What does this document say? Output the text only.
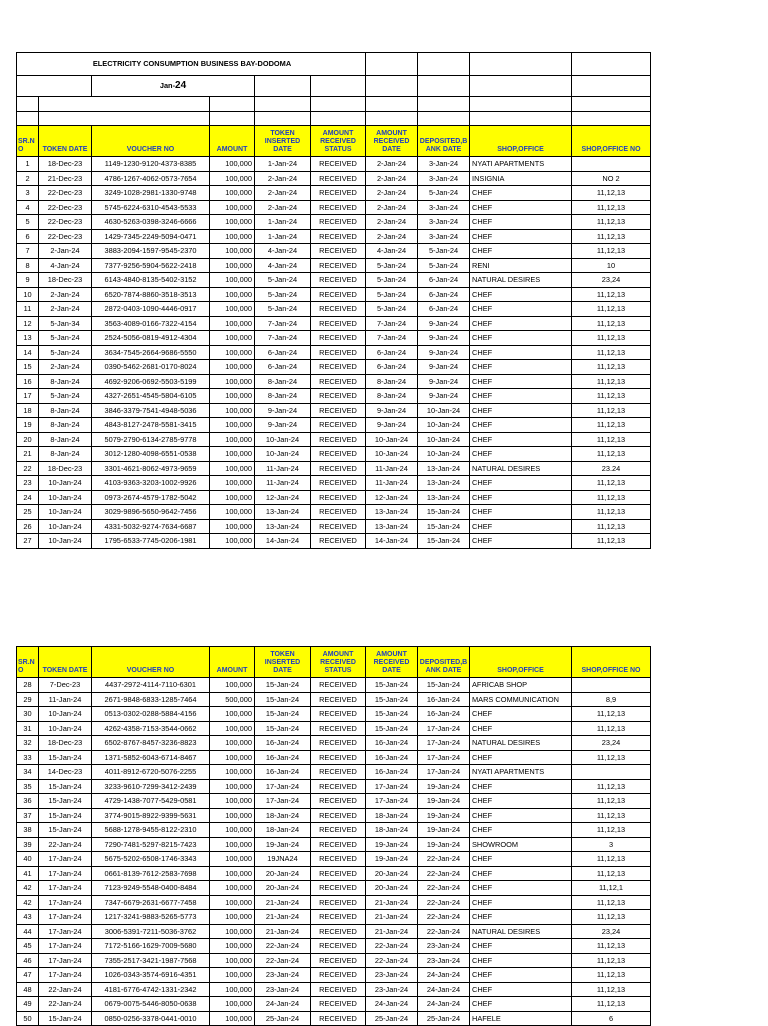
ELECTRICITY CONSUMPTION BUSINESS BAY-DODOMA									
		Jan-24							

SR.N O	TOKEN DATE	VOUCHER NO	AMOUNT	TOKEN INSERTED DATE	AMOUNT RECEIVED STATUS	AMOUNT RECEIVED DATE	DEPOSITED,B ANK DATE	SHOP,OFFICE	SHOP,OFFICE NO
1	18-Dec-23	1149-1230-9120-4373-8385	100,000	1-Jan-24	RECEIVED	2-Jan-24	3-Jan-24	NYATI APARTMENTS	
2	21-Dec-23	4786-1267-4062-0573-7654	100,000	2-Jan-24	RECEIVED	2-Jan-24	3-Jan-24	INSIGNIA	NO 2
3	22-Dec-23	3249-1028-2981-1330-9748	100,000	2-Jan-24	RECEIVED	2-Jan-24	5-Jan-24	CHEF	11,12,13
4	22-Dec-23	5745-6224-6310-4543-5533	100,000	2-Jan-24	RECEIVED	2-Jan-24	3-Jan-24	CHEF	11,12,13
5	22-Dec-23	4630-5263-0398-3246-6666	100,000	1-Jan-24	RECEIVED	2-Jan-24	3-Jan-24	CHEF	11,12,13
6	22-Dec-23	1429-7345-2249-5094-0471	100,000	1-Jan-24	RECEIVED	2-Jan-24	3-Jan-24	CHEF	11,12,13
7	2-Jan-24	3883-2094-1597-9545-2370	100,000	4-Jan-24	RECEIVED	4-Jan-24	5-Jan-24	CHEF	11,12,13
8	4-Jan-24	7377-9256-5904-5622-2418	100,000	4-Jan-24	RECEIVED	5-Jan-24	5-Jan-24	RENI	10
9	18-Dec-23	6143-4840-8135-5402-3152	100,000	5-Jan-24	RECEIVED	5-Jan-24	6-Jan-24	NATURAL DESIRES	23,24
10	2-Jan-24	6520-7874-8860-3518-3513	100,000	5-Jan-24	RECEIVED	5-Jan-24	6-Jan-24	CHEF	11,12,13
11	2-Jan-24	2872-0403-1090-4446-0917	100,000	5-Jan-24	RECEIVED	5-Jan-24	6-Jan-24	CHEF	11,12,13
12	5-Jan-34	3563-4089-0166-7322-4154	100,000	7-Jan-24	RECEIVED	7-Jan-24	9-Jan-24	CHEF	11,12,13
13	5-Jan-24	2524-5056-0819-4912-4304	100,000	7-Jan-24	RECEIVED	7-Jan-24	9-Jan-24	CHEF	11,12,13
14	5-Jan-24	3634-7545-2664-9686-5550	100,000	6-Jan-24	RECEIVED	6-Jan-24	9-Jan-24	CHEF	11,12,13
15	2-Jan-24	0390-5462-2681-0170-8024	100,000	6-Jan-24	RECEIVED	6-Jan-24	9-Jan-24	CHEF	11,12,13
16	8-Jan-24	4692-9206-0692-5503-5199	100,000	8-Jan-24	RECEIVED	8-Jan-24	9-Jan-24	CHEF	11,12,13
17	5-Jan-24	4327-2651-4545-5804-6105	100,000	8-Jan-24	RECEIVED	8-Jan-24	9-Jan-24	CHEF	11,12,13
18	8-Jan-24	3846-3379-7541-4948-5036	100,000	9-Jan-24	RECEIVED	9-Jan-24	10-Jan-24	CHEF	11,12,13
19	8-Jan-24	4843-8127-2478-5581-3415	100,000	9-Jan-24	RECEIVED	9-Jan-24	10-Jan-24	CHEF	11,12,13
20	8-Jan-24	5079-2790-6134-2785-9778	100,000	10-Jan-24	RECEIVED	10-Jan-24	10-Jan-24	CHEF	11,12,13
21	8-Jan-24	3012-1280-4098-6551-0538	100,000	10-Jan-24	RECEIVED	10-Jan-24	10-Jan-24	CHEF	11,12,13
22	18-Dec-23	3301-4621-8062-4973-9659	100,000	11-Jan-24	RECEIVED	11-Jan-24	13-Jan-24	NATURAL DESIRES	23.24
23	10-Jan-24	4103-9363-3203-1002-9926	100,000	11-Jan-24	RECEIVED	11-Jan-24	13-Jan-24	CHEF	11,12,13
24	10-Jan-24	0973-2674-4579-1782-5042	100,000	12-Jan-24	RECEIVED	12-Jan-24	13-Jan-24	CHEF	11,12,13
25	10-Jan-24	3029-9896-5650-9642-7456	100,000	13-Jan-24	RECEIVED	13-Jan-24	15-Jan-24	CHEF	11,12,13
26	10-Jan-24	4331-5032-9274-7634-6687	100,000	13-Jan-24	RECEIVED	13-Jan-24	15-Jan-24	CHEF	11,12,13
27	10-Jan-24	1795-6533-7745-0206-1981	100,000	14-Jan-24	RECEIVED	14-Jan-24	15-Jan-24	CHEF	11,12,13
SR.N O	TOKEN DATE	VOUCHER NO	AMOUNT	TOKEN INSERTED DATE	AMOUNT RECEIVED STATUS	AMOUNT RECEIVED DATE	DEPOSITED,B ANK DATE	SHOP,OFFICE	SHOP,OFFICE NO
28	7-Dec-23	4437-2972-4114-7110-6301	100,000	15-Jan-24	RECEIVED	15-Jan-24	15-Jan-24	AFRICAB SHOP	
29	11-Jan-24	2671-9848-6833-1285-7464	500,000	15-Jan-24	RECEIVED	15-Jan-24	16-Jan-24	MARS COMMUNICATION	8,9
30	10-Jan-24	0513-0302-0288-5884-4156	100,000	15-Jan-24	RECEIVED	15-Jan-24	16-Jan-24	CHEF	11,12,13
31	10-Jan-24	4262-4358-7153-3544-0662	100,000	15-Jan-24	RECEIVED	15-Jan-24	17-Jan-24	CHEF	11,12,13
32	18-Dec-23	6502-8767-8457-3236-8823	100,000	16-Jan-24	RECEIVED	16-Jan-24	17-Jan-24	NATURAL DESIRES	23,24
33	15-Jan-24	1371-5852-6043-6714-8467	100,000	16-Jan-24	RECEIVED	16-Jan-24	17-Jan-24	CHEF	11,12,13
34	14-Dec-23	4011-8912-6720-5076-2255	100,000	16-Jan-24	RECEIVED	16-Jan-24	17-Jan-24	NYATI APARTMENTS	
35	15-Jan-24	3233-9610-7299-3412-2439	100,000	17-Jan-24	RECEIVED	17-Jan-24	19-Jan-24	CHEF	11,12,13
36	15-Jan-24	4729-1438-7077-5429-0581	100,000	17-Jan-24	RECEIVED	17-Jan-24	19-Jan-24	CHEF	11,12,13
37	15-Jan-24	3774-9015-8922-9399-5631	100,000	18-Jan-24	RECEIVED	18-Jan-24	19-Jan-24	CHEF	11,12,13
38	15-Jan-24	5688-1278-9455-8122-2310	100,000	18-Jan-24	RECEIVED	18-Jan-24	19-Jan-24	CHEF	11,12,13
39	22-Jan-24	7290-7481-5297-8215-7423	100,000	19-Jan-24	RECEIVED	19-Jan-24	19-Jan-24	SHOWROOM	3
40	17-Jan-24	5675-5202-6508-1746-3343	100,000	19JNA24	RECEIVED	19-Jan-24	22-Jan-24	CHEF	11,12,13
41	17-Jan-24	0661-8139-7612-2583-7698	100,000	20-Jan-24	RECEIVED	20-Jan-24	22-Jan-24	CHEF	11,12,13
42	17-Jan-24	7123-9249-5548-0400-8484	100,000	20-Jan-24	RECEIVED	20-Jan-24	22-Jan-24	CHEF	11,12,1
42	17-Jan-24	7347-6679-2631-6677-7458	100,000	21-Jan-24	RECEIVED	21-Jan-24	22-Jan-24	CHEF	11,12,13
43	17-Jan-24	1217-3241-9883-5265-5773	100,000	21-Jan-24	RECEIVED	21-Jan-24	22-Jan-24	CHEF	11,12,13
44	17-Jan-24	3006-5391-7211-5036-3762	100,000	21-Jan-24	RECEIVED	21-Jan-24	22-Jan-24	NATURAL DESIRES	23,24
45	17-Jan-24	7172-5166-1629-7009-5680	100,000	22-Jan-24	RECEIVED	22-Jan-24	23-Jan-24	CHEF	11,12,13
46	17-Jan-24	7355-2517-3421-1987-7568	100,000	22-Jan-24	RECEIVED	22-Jan-24	23-Jan-24	CHEF	11,12,13
47	17-Jan-24	1026-0343-3574-6916-4351	100,000	23-Jan-24	RECEIVED	23-Jan-24	24-Jan-24	CHEF	11,12,13
48	22-Jan-24	4181-6776-4742-1331-2342	100,000	23-Jan-24	RECEIVED	23-Jan-24	24-Jan-24	CHEF	11,12,13
49	22-Jan-24	0679-0075-5446-8050-0638	100,000	24-Jan-24	RECEIVED	24-Jan-24	24-Jan-24	CHEF	11,12,13
50	15-Jan-24	0850-0256-3378-0441-0010	100,000	25-Jan-24	RECEIVED	25-Jan-24	25-Jan-24	HAFELE	6
